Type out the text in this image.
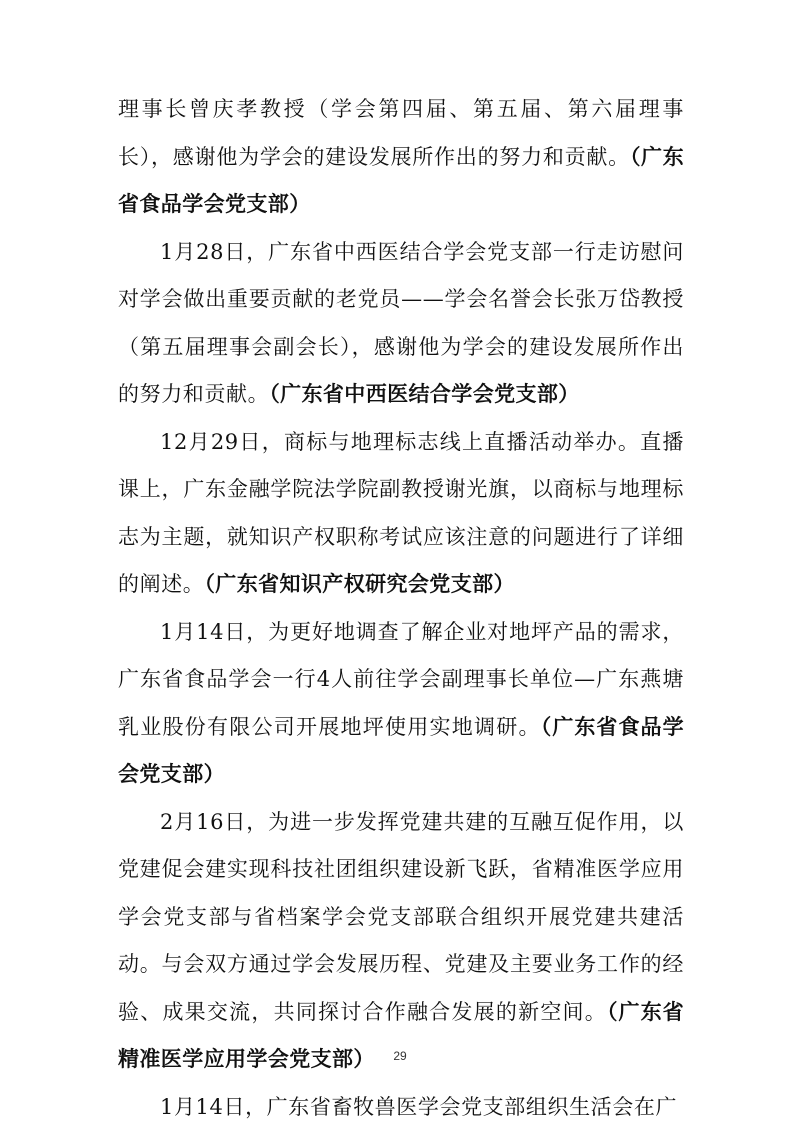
理事长曾庆孝教授（学会第四届、第五届、第六届理事长），感谢他为学会的建设发展所作出的努力和贡献。（广东省食品学会党支部）

1月28日，广东省中西医结合学会党支部一行走访慰问对学会做出重要贡献的老党员——学会名誉会长张万岱教授（第五届理事会副会长），感谢他为学会的建设发展所作出的努力和贡献。（广东省中西医结合学会党支部）

12月29日，商标与地理标志线上直播活动举办。直播课上，广东金融学院法学院副教授谢光旗，以商标与地理标志为主题，就知识产权职称考试应该注意的问题进行了详细的阐述。（广东省知识产权研究会党支部）

1月14日，为更好地调查了解企业对地坪产品的需求，广东省食品学会一行4人前往学会副理事长单位—广东燕塘乳业股份有限公司开展地坪使用实地调研。（广东省食品学会党支部）

2月16日，为进一步发挥党建共建的互融互促作用，以党建促会建实现科技社团组织建设新飞跃，省精准医学应用学会党支部与省档案学会党支部联合组织开展党建共建活动。与会双方通过学会发展历程、党建及主要业务工作的经验、成果交流，共同探讨合作融合发展的新空间。（广东省精准医学应用学会党支部）

1月14日，广东省畜牧兽医学会党支部组织生活会在广

29
